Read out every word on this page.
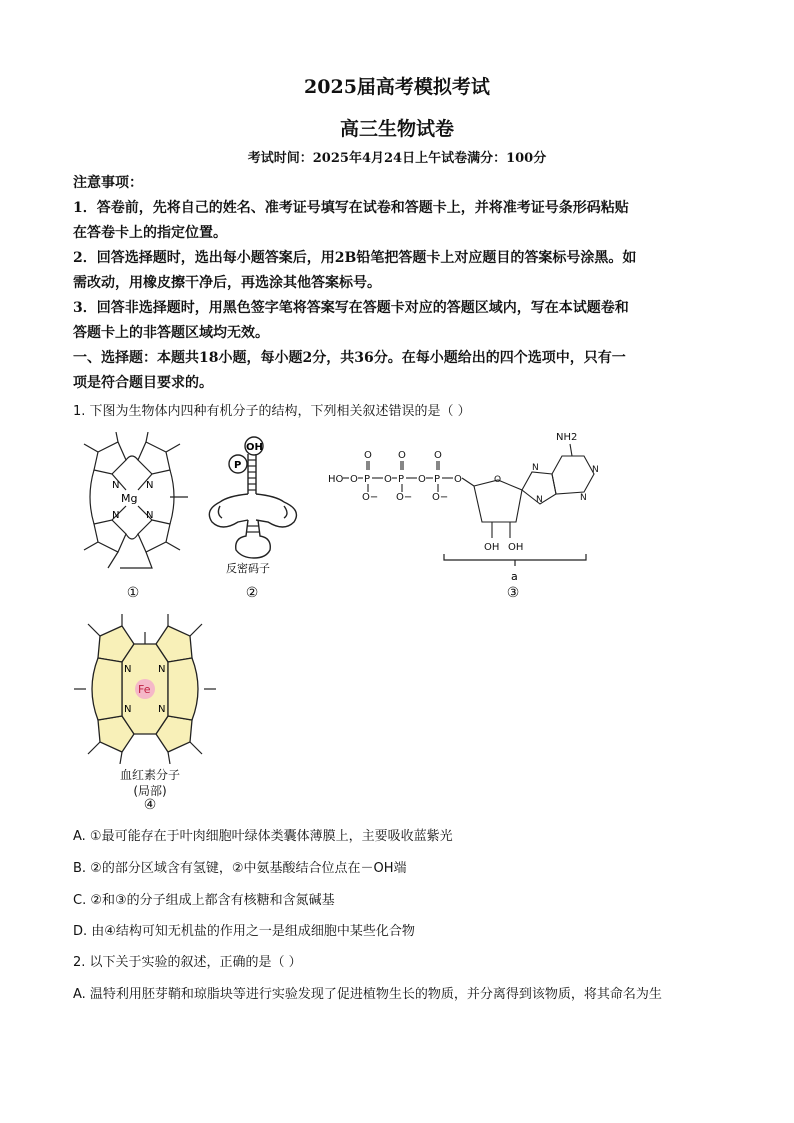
2025届高考模拟考试
高三生物试卷
考试时间：2025年4月24日上午试卷满分：100分
注意事项：
1．答卷前，先将自己的姓名、准考证号填写在试卷和答题卡上，并将准考证号条形码粘贴
在答卷卡上的指定位置。
2．回答选择题时，选出每小题答案后，用2B铅笔把答题卡上对应题目的答案标号涂黑。如
需改动，用橡皮擦干净后，再选涂其他答案标号。
3．回答非选择题时，用黑色签字笔将答案写在答题卡对应的答题区域内，写在本试题卷和
答题卡上的非答题区域均无效。
一、选择题：本题共18小题，每小题2分，共36分。在每小题给出的四个选项中，只有一
项是符合题目要求的。
1. 下图为生物体内四种有机分子的结构，下列相关叙述错误的是（ ）
Mg
N	N
N	N
①
OH
P
反密码子
②
HO P	P	P
O	O	O
O− O− O−
O	O	O	O
NH2
OH OH
N
N
N
N
O
a
③
Fe
N	N
N	N
血红素分子
(局部)
④
A. ①最可能存在于叶肉细胞叶绿体类囊体薄膜上，主要吸收蓝紫光
B. ②的部分区域含有氢键，②中氨基酸结合位点在－OH端
C. ②和③的分子组成上都含有核糖和含氮碱基
D. 由④结构可知无机盐的作用之一是组成细胞中某些化合物
2. 以下关于实验的叙述，正确的是（ ）
A. 温特利用胚芽鞘和琼脂块等进行实验发现了促进植物生长的物质，并分离得到该物质，将其命名为生
